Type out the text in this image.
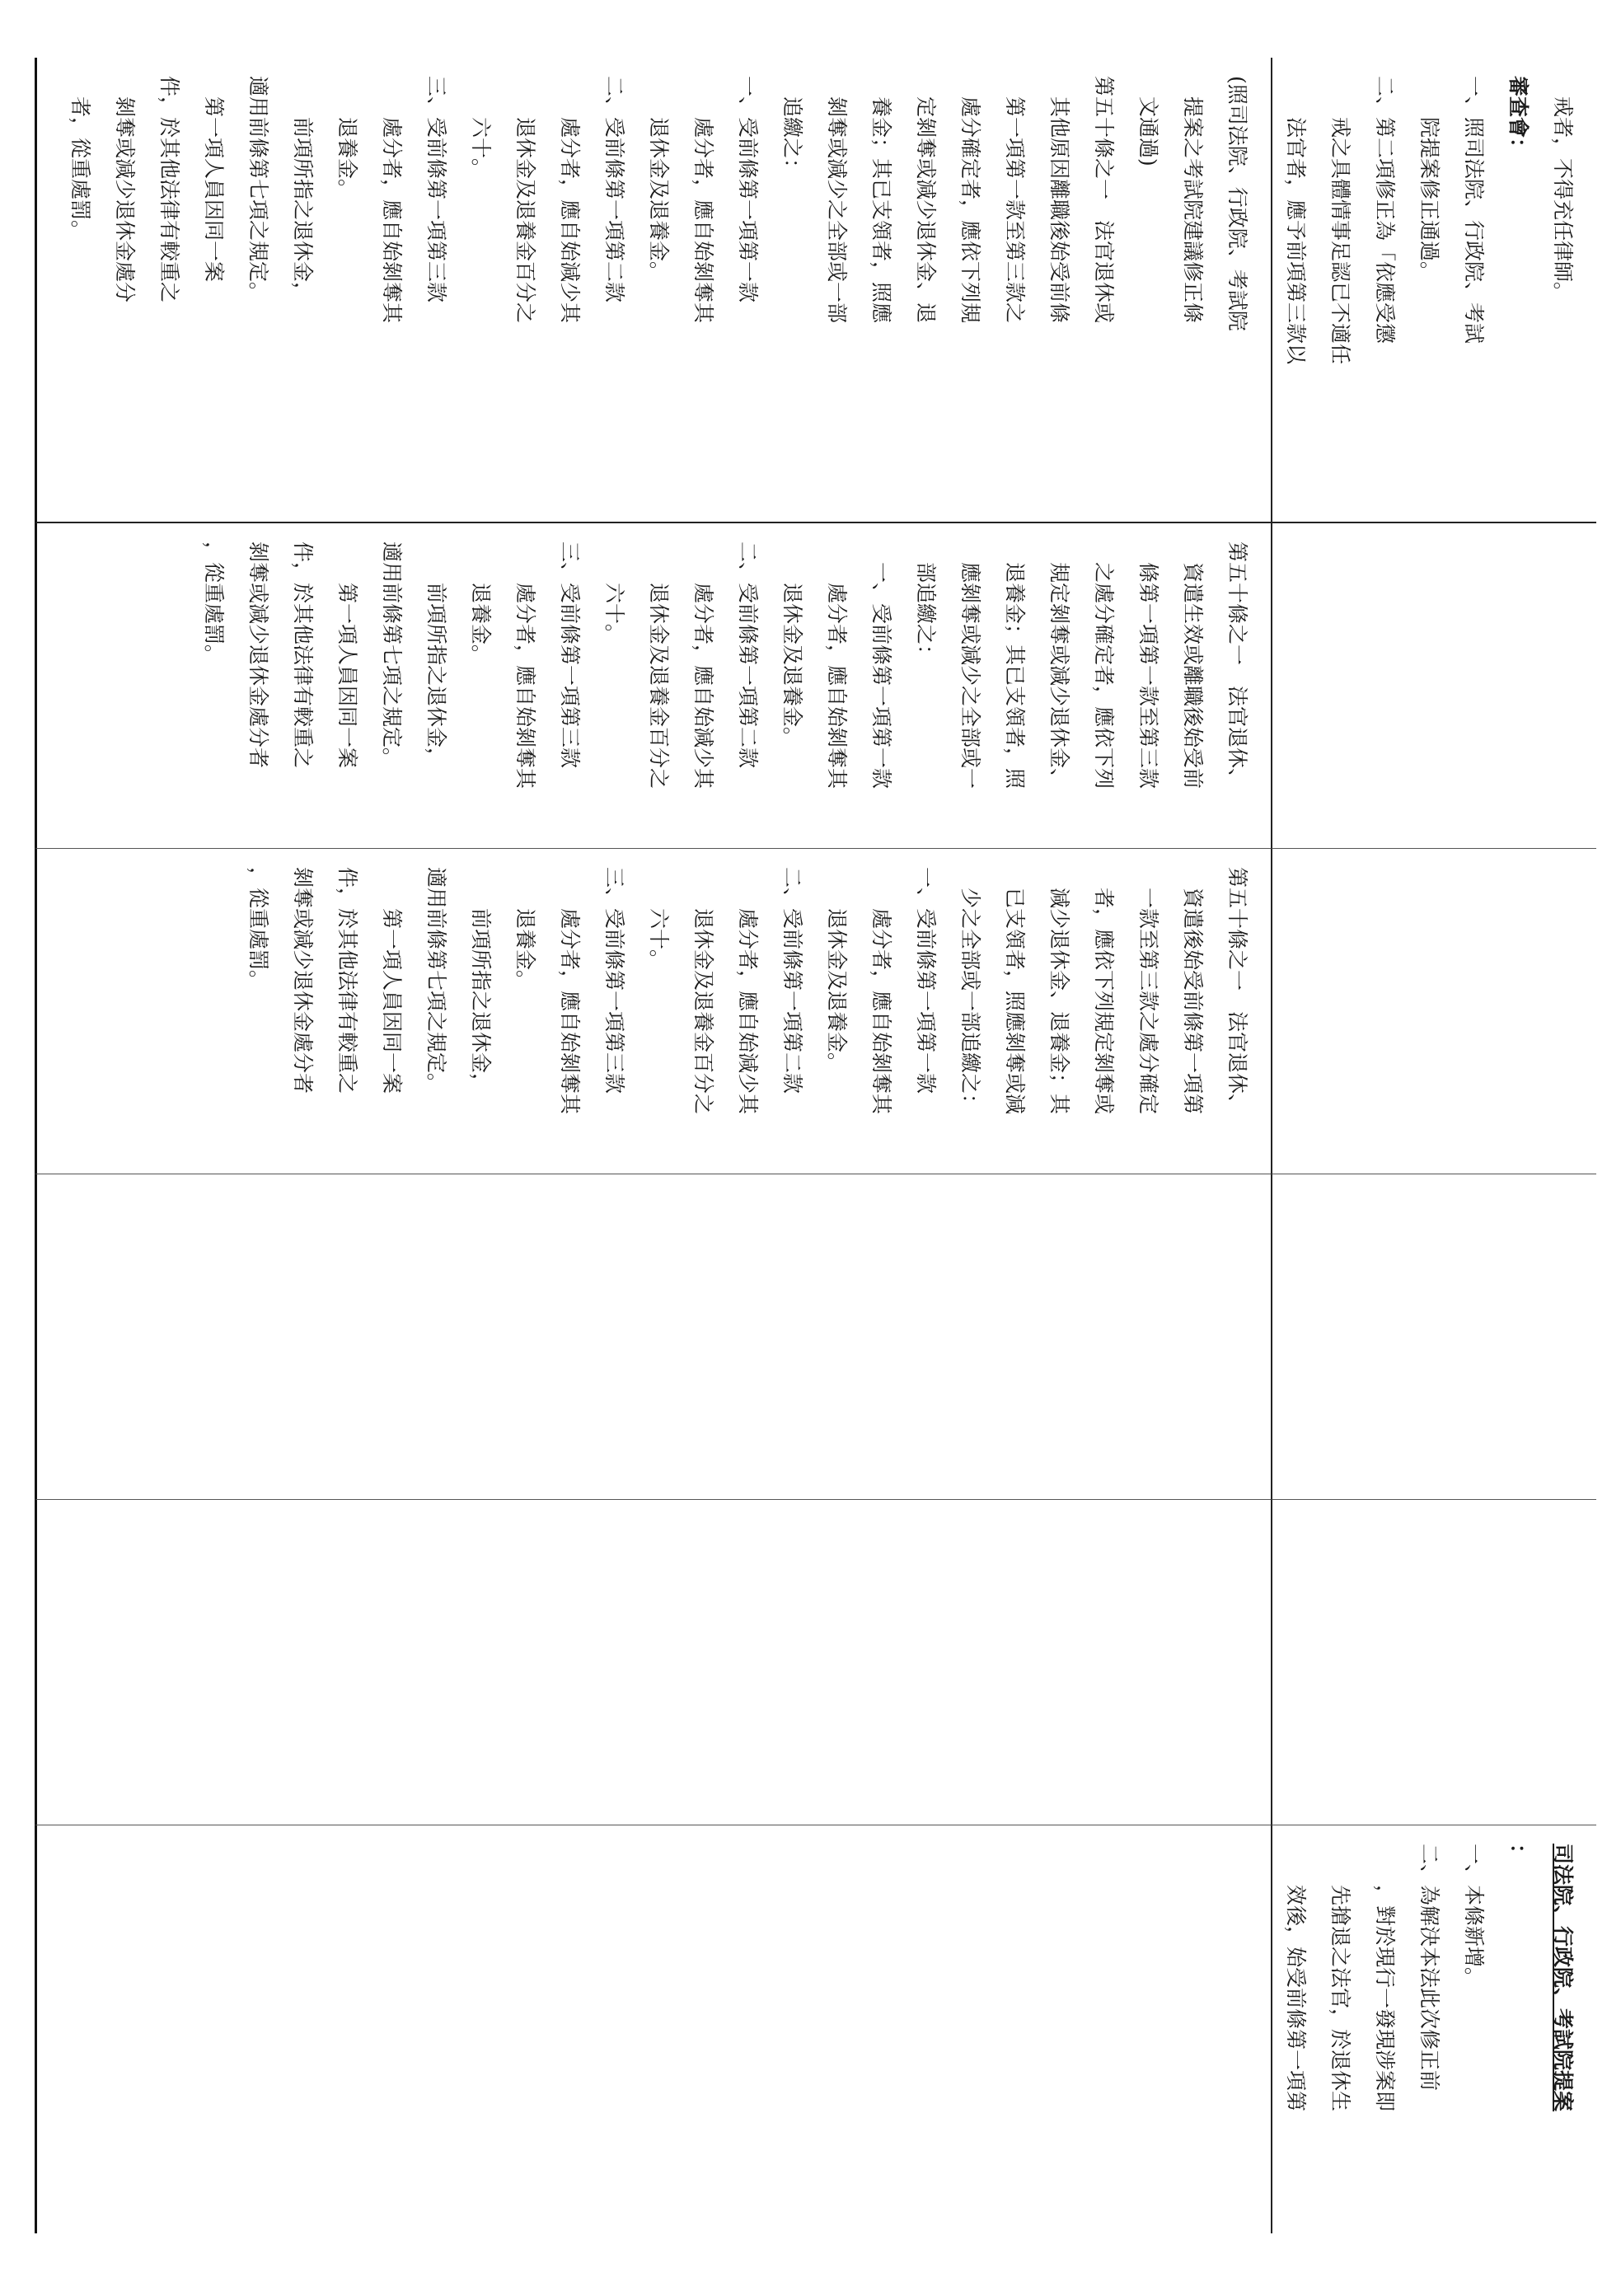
戒者，不得充任律師。
審查會：
一、照司法院、行政院、考試
院提案修正通過。
二、第二項修正為「依應受懲
戒之具體情事足認已不適任
法官者，應予前項第三款以
司法院、行政院、考試院提案
：
一、本條新增。
二、為解決本法此次修正前
，對於現行一發現涉案即
先搶退之法官，於退休生
效後，始受前條第一項第
(照司法院、行政院、考試院
提案之考試院建議修正條
文通過)
第五十條之一　法官退休或
其他原因離職後始受前條
第一項第一款至第三款之
處分確定者，應依下列規
定剝奪或減少退休金、退
養金；其已支領者，照應
剝奪或減少之全部或一部
追繳之：
一、受前條第一項第一款
處分者，應自始剝奪其
退休金及退養金。
二、受前條第一項第二款
處分者，應自始減少其
退休金及退養金百分之
六十。
三、受前條第一項第三款
處分者，應自始剝奪其
退養金。
前項所指之退休金，
適用前條第七項之規定。
第一項人員因同一案
件，於其他法律有較重之
剝奪或減少退休金處分
者，從重處罰。
第五十條之一　法官退休、
資遣生效或離職後始受前
條第一項第一款至第三款
之處分確定者，應依下列
規定剝奪或減少退休金、
退養金；其已支領者，照
應剝奪或減少之全部或一
部追繳之：
一、受前條第一項第一款
處分者，應自始剝奪其
退休金及退養金。
二、受前條第一項第二款
處分者，應自始減少其
退休金及退養金百分之
六十。
三、受前條第一項第三款
處分者，應自始剝奪其
退養金。
前項所指之退休金，
適用前條第七項之規定。
第一項人員因同一案
件，於其他法律有較重之
剝奪或減少退休金處分者
，從重處罰。
第五十條之一　法官退休、
資遣後始受前條第一項第
一款至第三款之處分確定
者，應依下列規定剝奪或
減少退休金、退養金；其
已支領者，照應剝奪或減
少之全部或一部追繳之：
一、受前條第一項第一款
處分者，應自始剝奪其
退休金及退養金。
二、受前條第一項第二款
處分者，應自始減少其
退休金及退養金百分之
六十。
三、受前條第一項第三款
處分者，應自始剝奪其
退養金。
前項所指之退休金，
適用前條第七項之規定。
第一項人員因同一案
件，於其他法律有較重之
剝奪或減少退休金處分者
，從重處罰。
